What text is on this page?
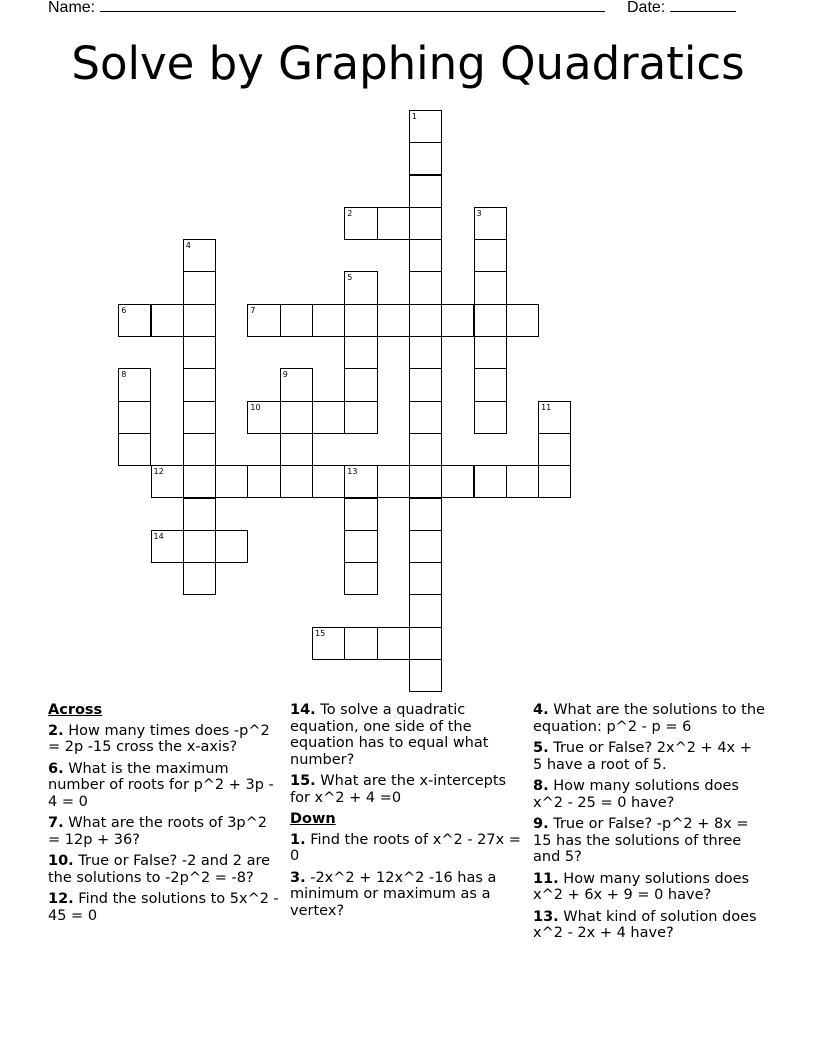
Name:	Date:
Solve by Graphing Quadratics
1
2	3
4
5
6	7
8	9
10	11
12	13
14
15
Across
2. How many times does -p^2 = 2p -15 cross the x-axis?
6. What is the maximum number of roots for p^2 + 3p - 4 = 0
7. What are the roots of 3p^2 = 12p + 36?
10. True or False? -2 and 2 are the solutions to -2p^2 = -8?
12. Find the solutions to 5x^2 - 45 = 0
14. To solve a quadratic equation, one side of the equation has to equal what number?
15. What are the x-intercepts for x^2 + 4 =0
Down
1. Find the roots of x^2 - 27x = 0
3. -2x^2 + 12x^2 -16 has a minimum or maximum as a vertex?
4. What are the solutions to the equation: p^2 - p = 6
5. True or False? 2x^2 + 4x + 5 have a root of 5.
8. How many solutions does x^2 - 25 = 0 have?
9. True or False? -p^2 + 8x = 15 has the solutions of three and 5?
11. How many solutions does x^2 + 6x + 9 = 0 have?
13. What kind of solution does x^2 - 2x + 4 have?
